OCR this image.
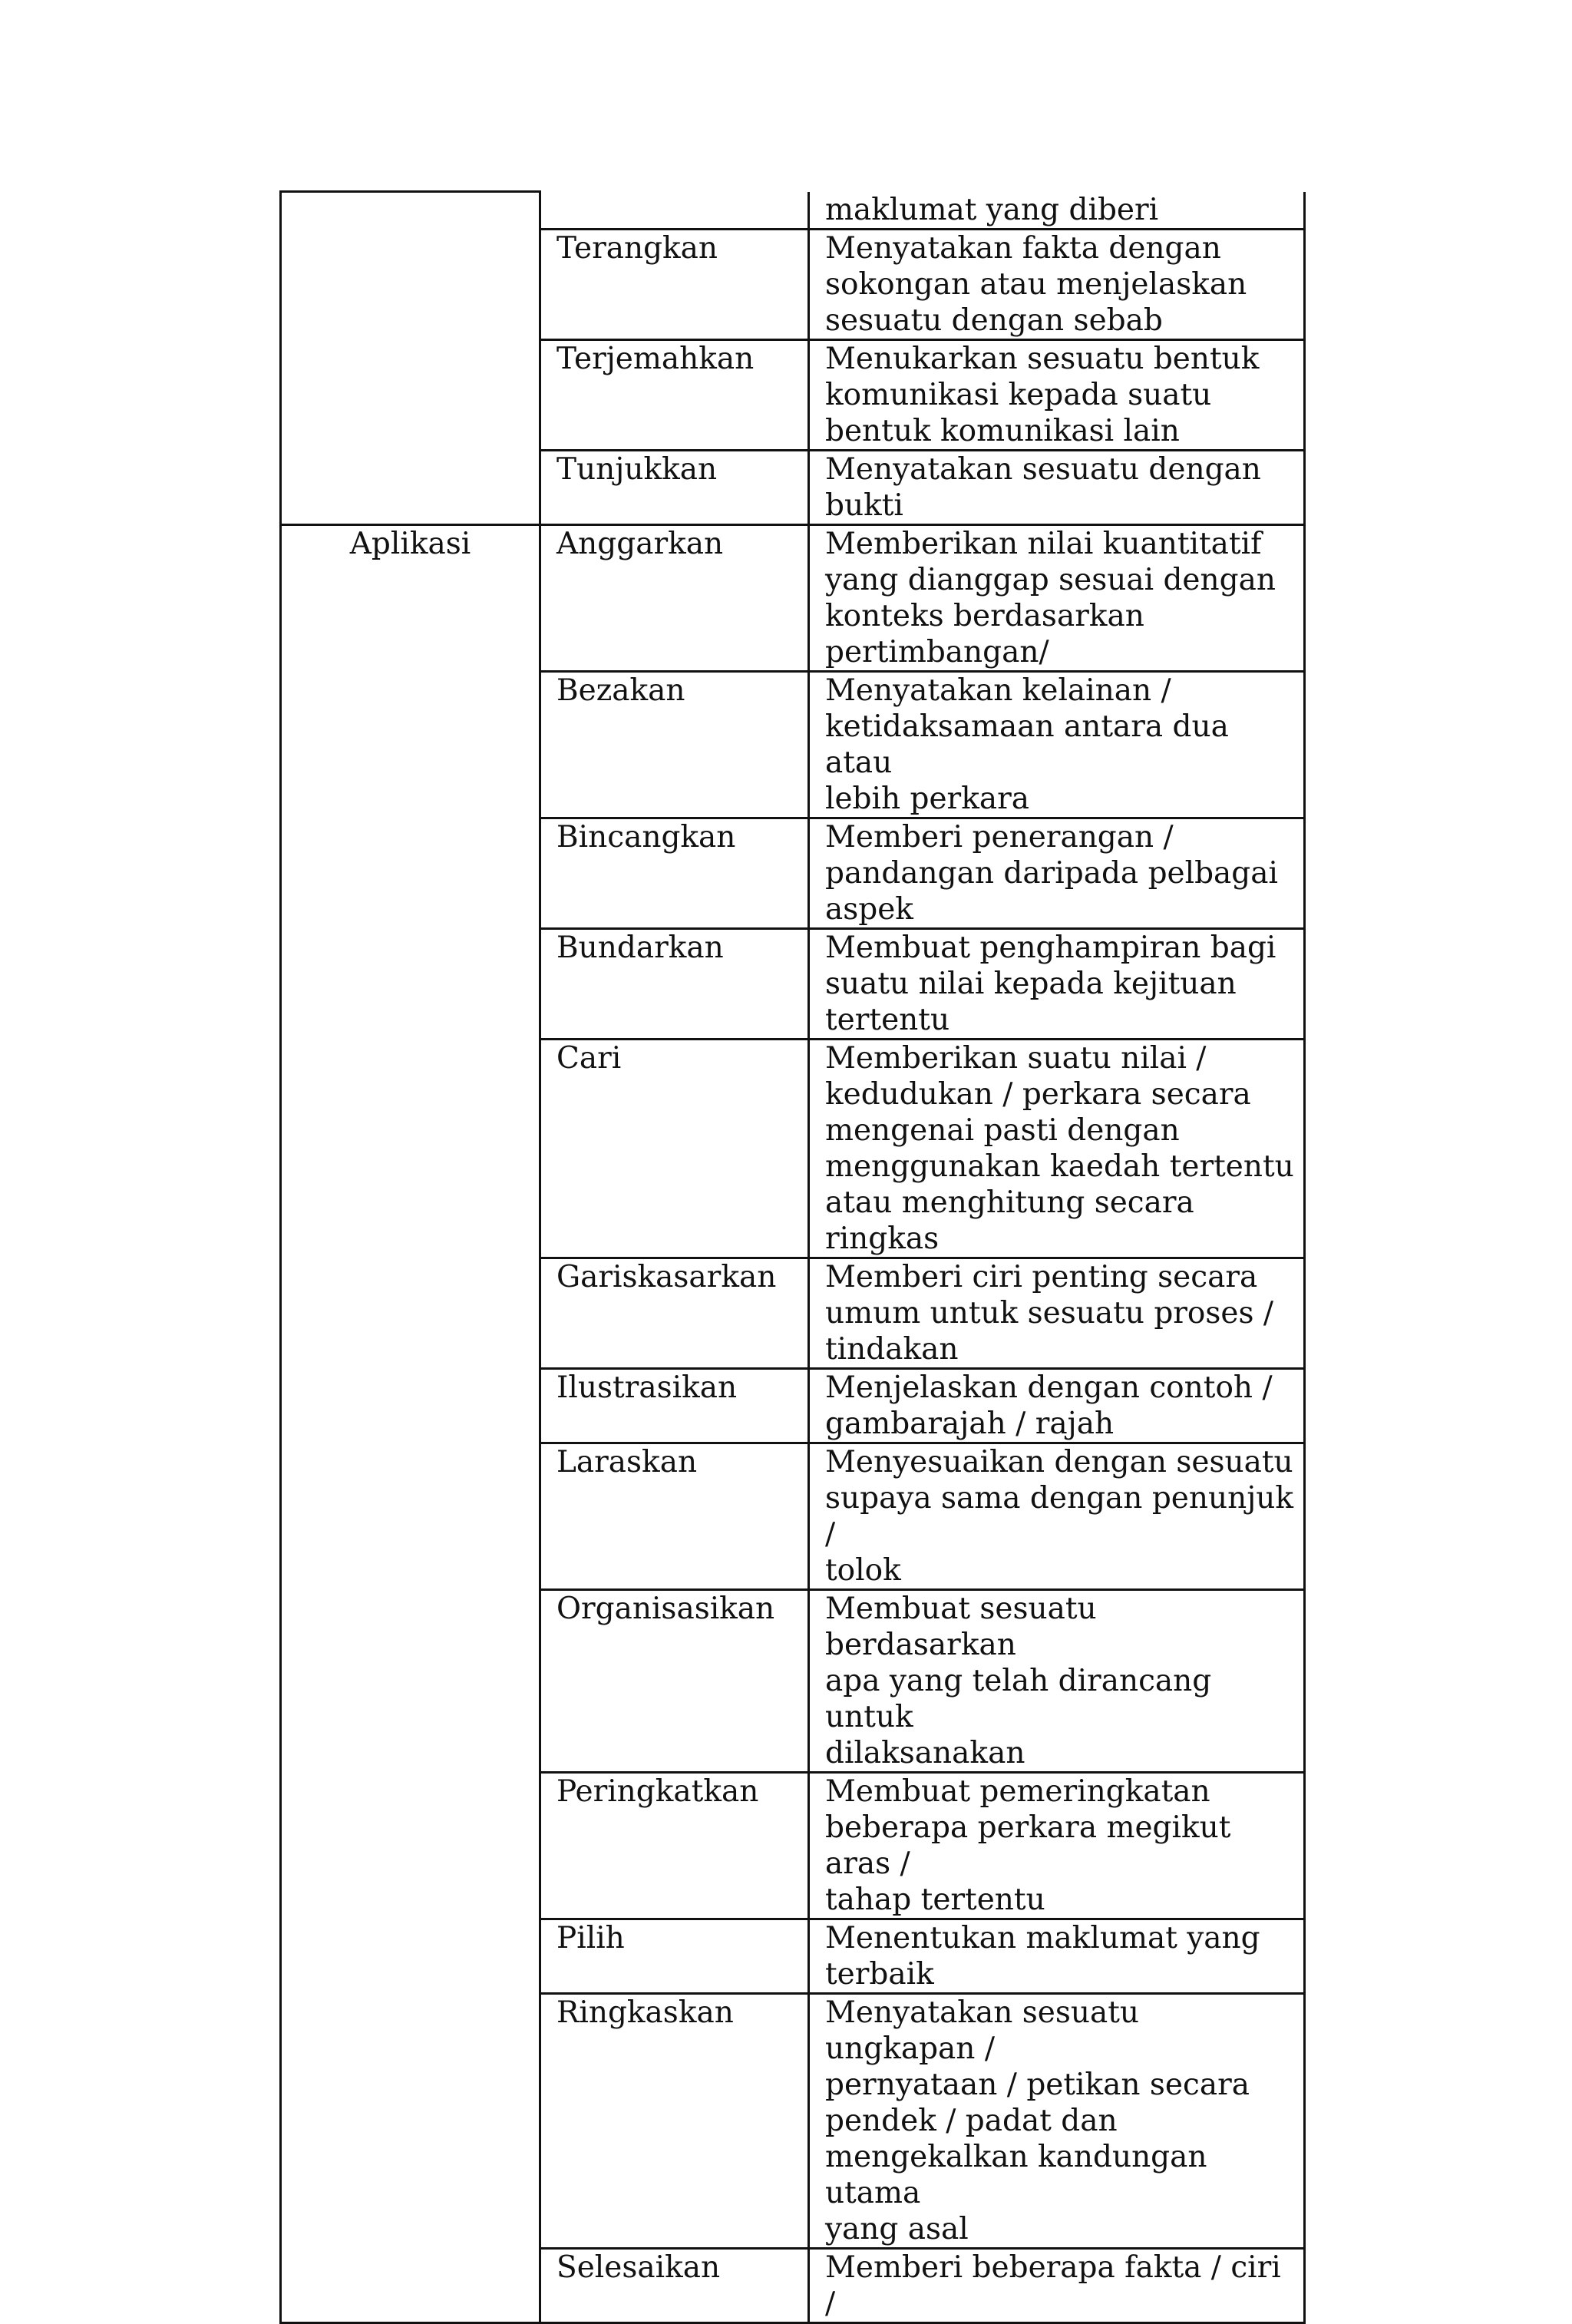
		maklumat yang diberi

	Terangkan	Menyatakan fakta dengan
sokongan atau menjelaskan
sesuatu dengan sebab

	Terjemahkan	Menukarkan sesuatu bentuk
komunikasi kepada suatu
bentuk komunikasi lain

	Tunjukkan	Menyatakan sesuatu dengan
bukti

Aplikasi	Anggarkan	Memberikan nilai kuantitatif
yang dianggap sesuai dengan
konteks berdasarkan
pertimbangan/

	Bezakan	Menyatakan kelainan /
ketidaksamaan antara dua atau
lebih perkara

	Bincangkan	Memberi penerangan /
pandangan daripada pelbagai
aspek

	Bundarkan	Membuat penghampiran bagi
suatu nilai kepada kejituan
tertentu

	Cari	Memberikan suatu nilai /
kedudukan / perkara secara
mengenai pasti dengan
menggunakan kaedah tertentu
atau menghitung secara ringkas

	Gariskasarkan	Memberi ciri penting secara
umum untuk sesuatu proses /
tindakan

	Ilustrasikan	Menjelaskan dengan contoh /
gambarajah / rajah

	Laraskan	Menyesuaikan dengan sesuatu
supaya sama dengan penunjuk /
tolok

	Organisasikan	Membuat sesuatu berdasarkan
apa yang telah dirancang untuk
dilaksanakan

	Peringkatkan	Membuat pemeringkatan
beberapa perkara megikut aras /
tahap tertentu

	Pilih	Menentukan maklumat yang
terbaik

	Ringkaskan	Menyatakan sesuatu ungkapan /
pernyataan / petikan secara
pendek / padat dan
mengekalkan kandungan utama
yang asal

	Selesaikan	Memberi beberapa fakta / ciri /
